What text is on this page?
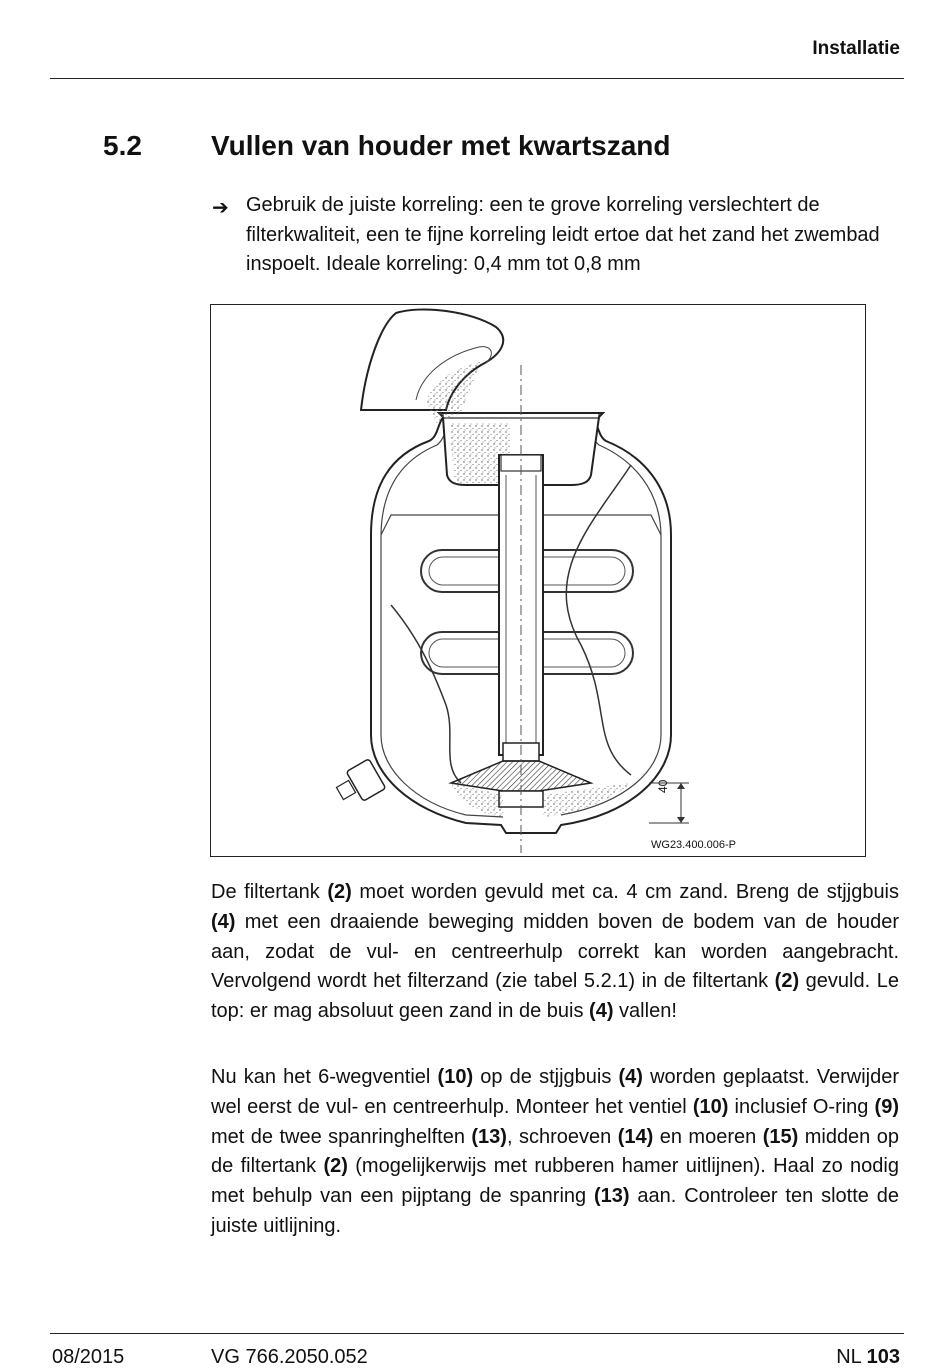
Installatie
5.2 Vullen van houder met kwartszand
➔ Gebruik de juiste korreling: een te grove korreling verslechtert de filterkwaliteit, een te fijne korreling leidt ertoe dat het zand het zwembad inspoelt. Ideale korreling: 0,4 mm tot 0,8 mm
40
WG23.400.006-P

De filtertank (2) moet worden gevuld met ca. 4 cm zand. Breng de stjjgbuis (4) met een draaiende beweging midden boven de bodem van de houder aan, zodat de vul- en centreerhulp correkt kan worden aangebracht. Vervolgend wordt het filterzand (zie tabel 5.2.1) in de filtertank (2) gevuld. Le top: er mag absoluut geen zand in de buis (4) vallen!

Nu kan het 6-wegventiel (10) op de stjjgbuis (4) worden geplaatst. Verwijder wel eerst de vul- en centreerhulp. Monteer het ventiel (10) inclusief O-ring (9) met de twee spanringhelften (13), schroeven (14) en moeren (15) midden op de filtertank (2) (mogelijkerwijs met rubberen hamer uitlijnen). Haal zo nodig met behulp van een pijptang de spanring (13) aan. Controleer ten slotte de juiste uitlijning.

08/2015	VG 766.2050.052	NL 103
